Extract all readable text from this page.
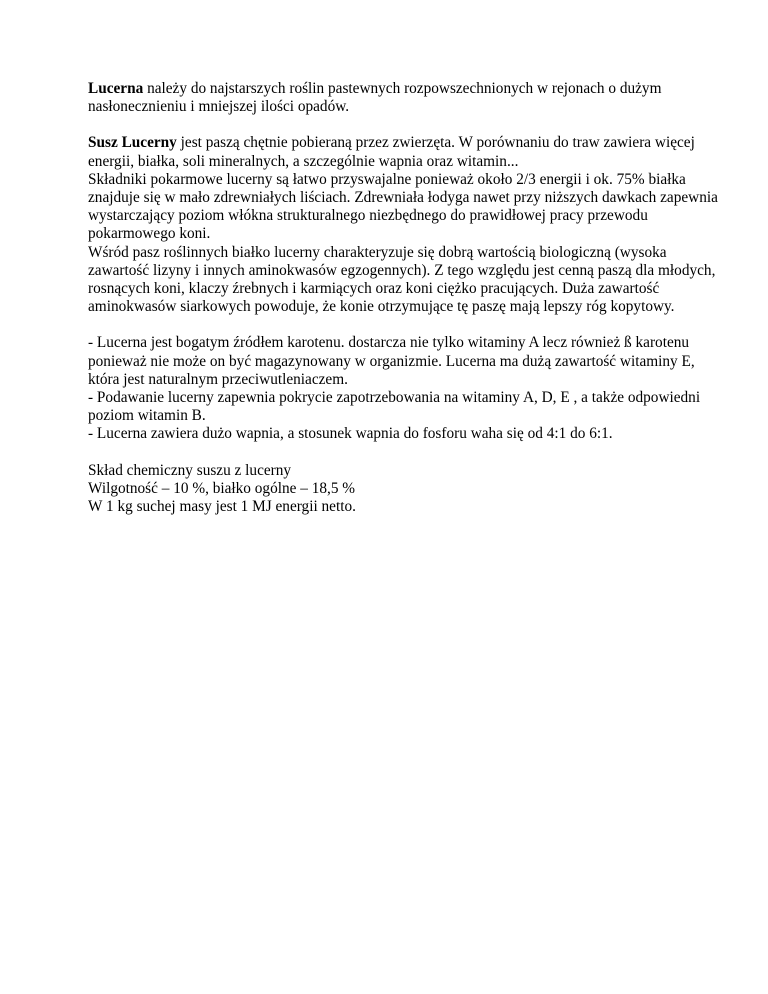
Lucerna należy do najstarszych roślin pastewnych rozpowszechnionych w rejonach o dużym nasłonecznieniu i mniejszej ilości opadów.

Susz Lucerny jest paszą chętnie pobieraną przez zwierzęta. W porównaniu do traw zawiera więcej energii, białka, soli mineralnych, a szczególnie wapnia oraz witamin...

Składniki pokarmowe lucerny są łatwo przyswajalne ponieważ około 2/3 energii i ok. 75% białka znajduje się w mało zdrewniałych liściach. Zdrewniała łodyga nawet przy niższych dawkach zapewnia wystarczający poziom włókna strukturalnego niezbędnego do prawidłowej pracy przewodu pokarmowego koni.

Wśród pasz roślinnych białko lucerny charakteryzuje się dobrą wartością biologiczną (wysoka zawartość lizyny i innych aminokwasów egzogennych). Z tego względu jest cenną paszą dla młodych, rosnących koni, klaczy źrebnych i karmiących oraz koni ciężko pracujących. Duża zawartość aminokwasów siarkowych powoduje, że konie otrzymujące tę paszę mają lepszy róg kopytowy.

- Lucerna jest bogatym źródłem karotenu. dostarcza nie tylko witaminy A lecz również ß karotenu ponieważ nie może on być magazynowany w organizmie. Lucerna ma dużą zawartość witaminy E, która jest naturalnym przeciwutleniaczem.

- Podawanie lucerny zapewnia pokrycie zapotrzebowania na witaminy A, D, E , a także odpowiedni poziom witamin B.

- Lucerna zawiera dużo wapnia, a stosunek wapnia do fosforu waha się od 4:1 do 6:1.

Skład chemiczny suszu z lucerny

Wilgotność – 10 %, białko ogólne – 18,5 %

W 1 kg suchej masy jest 1 MJ energii netto.
